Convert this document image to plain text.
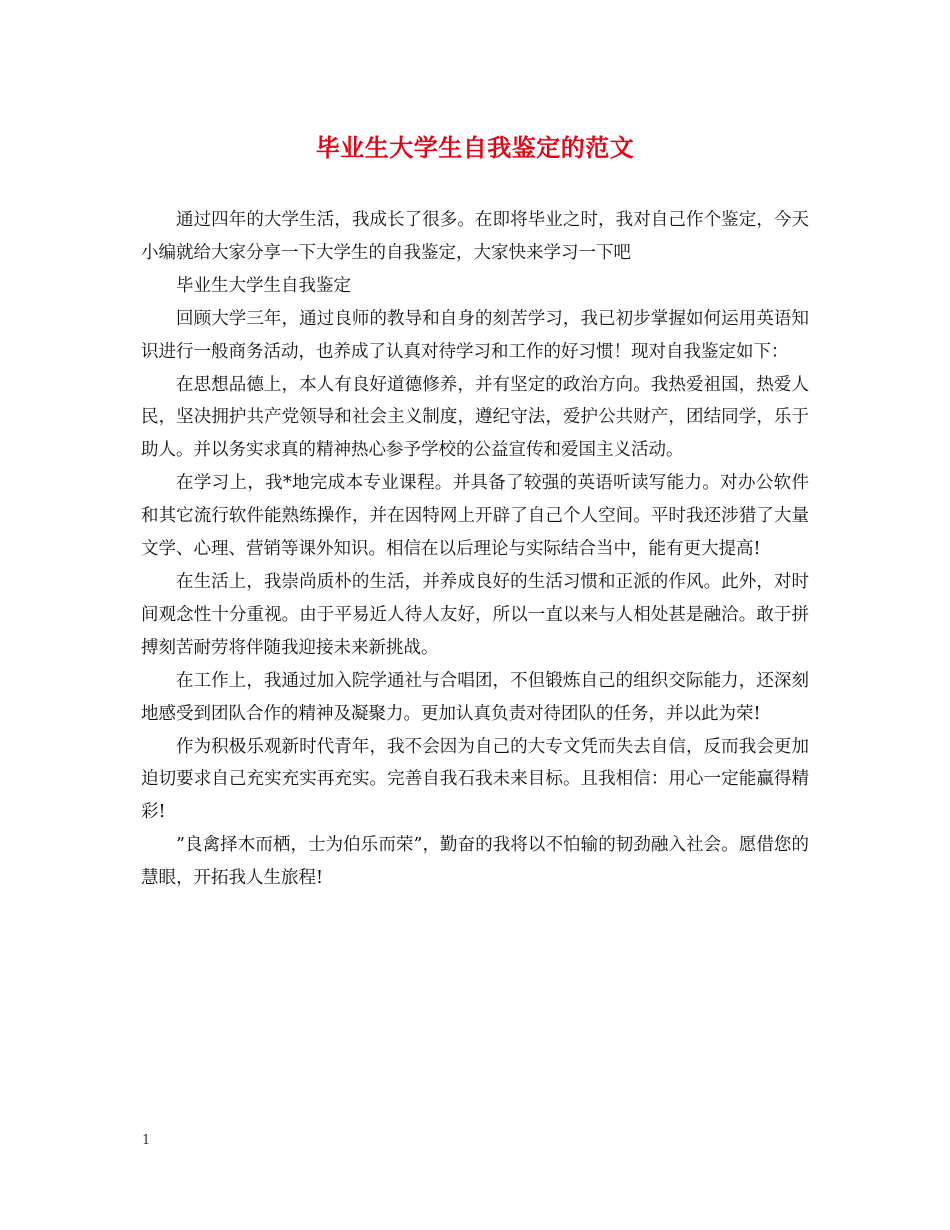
毕业生大学生自我鉴定的范文

通过四年的大学生活，我成长了很多。在即将毕业之时，我对自己作个鉴定，今天小编就给大家分享一下大学生的自我鉴定，大家快来学习一下吧

毕业生大学生自我鉴定

回顾大学三年，通过良师的教导和自身的刻苦学习，我已初步掌握如何运用英语知识进行一般商务活动，也养成了认真对待学习和工作的好习惯！现对自我鉴定如下：

在思想品德上，本人有良好道德修养，并有坚定的政治方向。我热爱祖国，热爱人民，坚决拥护共产党领导和社会主义制度，遵纪守法，爱护公共财产，团结同学，乐于助人。并以务实求真的精神热心参予学校的公益宣传和爱国主义活动。

在学习上，我*地完成本专业课程。并具备了较强的英语听读写能力。对办公软件和其它流行软件能熟练操作，并在因特网上开辟了自己个人空间。平时我还涉猎了大量文学、心理、营销等课外知识。相信在以后理论与实际结合当中，能有更大提高!

在生活上，我崇尚质朴的生活，并养成良好的生活习惯和正派的作风。此外，对时间观念性十分重视。由于平易近人待人友好，所以一直以来与人相处甚是融洽。敢于拼搏刻苦耐劳将伴随我迎接未来新挑战。

在工作上，我通过加入院学通社与合唱团，不但锻炼自己的组织交际能力，还深刻地感受到团队合作的精神及凝聚力。更加认真负责对待团队的任务，并以此为荣!

作为积极乐观新时代青年，我不会因为自己的大专文凭而失去自信，反而我会更加迫切要求自己充实充实再充实。完善自我石我未来目标。且我相信：用心一定能赢得精彩!

”良禽择木而栖，士为伯乐而荣”，勤奋的我将以不怕输的韧劲融入社会。愿借您的慧眼，开拓我人生旅程!

1
